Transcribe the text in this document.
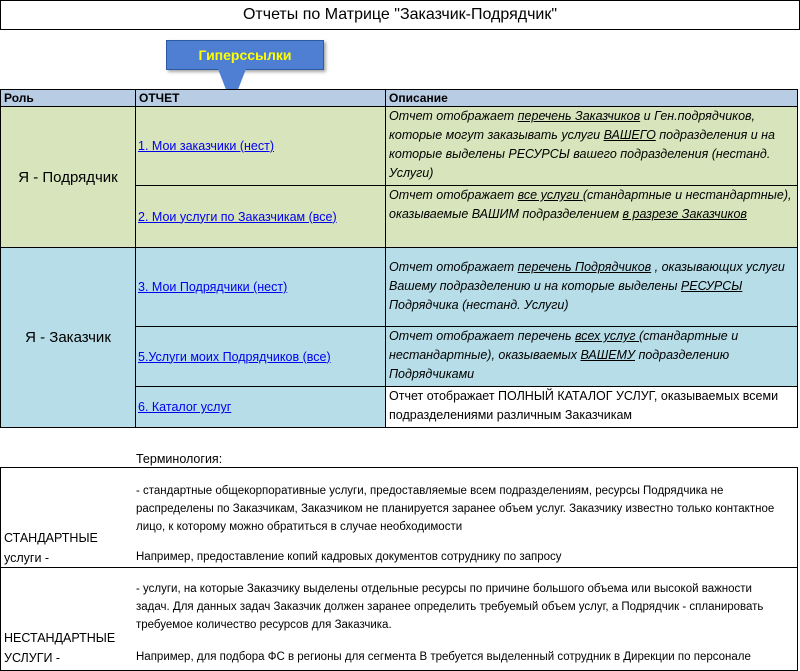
Отчеты по Матрице "Заказчик-Подрядчик"
Гиперссылки
Роль	ОТЧЕТ	Описание
Я - Подрядчик
Я - Заказчик
1. Мои заказчики (нест)
Отчет отображает перечень Заказчиков и Ген.подрядчиков, которые могут заказывать услуги ВАШЕГО подразделения и на которые выделены РЕСУРСЫ вашего подразделения (нестанд. Услуги)
2. Мои услуги по Заказчикам (все)
Отчет отображает все услуги (стандартные и нестандартные), оказываемые ВАШИМ подразделением в разрезе Заказчиков
3. Мои Подрядчики (нест)
Отчет отображает перечень Подрядчиков , оказывающих услуги Вашему подразделению и на которые выделены РЕСУРСЫ Подрядчика (нестанд. Услуги)
5.Услуги моих Подрядчиков (все)
Отчет отображает перечень всех услуг (стандартные и нестандартные), оказываемых ВАШЕМУ подразделению Подрядчиками
6. Каталог услуг
Отчет отображает ПОЛНЫЙ КАТАЛОГ УСЛУГ, оказываемых всеми подразделениями различным Заказчикам
Терминология:
СТАНДАРТНЫЕ
услуги -
- стандартные общекорпоративные услуги, предоставляемые всем подразделениям, ресурсы Подрядчика не распределены по Заказчикам, Заказчиком не планируется заранее объем услуг. Заказчику известно только контактное лицо, к которому можно обратиться в случае необходимости
Например, предоставление копий кадровых документов сотруднику по запросу
НЕСТАНДАРТНЫЕ
УСЛУГИ -
- услуги, на которые Заказчику выделены отдельные ресурсы по причине большого объема или высокой важности задач. Для данных задач Заказчик должен заранее определить требуемый объем услуг, а Подрядчик - спланировать требуемое количество ресурсов для Заказчика.
Например, для подбора ФС в регионы для сегмента В требуется выделенный сотрудник в Дирекции по персонале
